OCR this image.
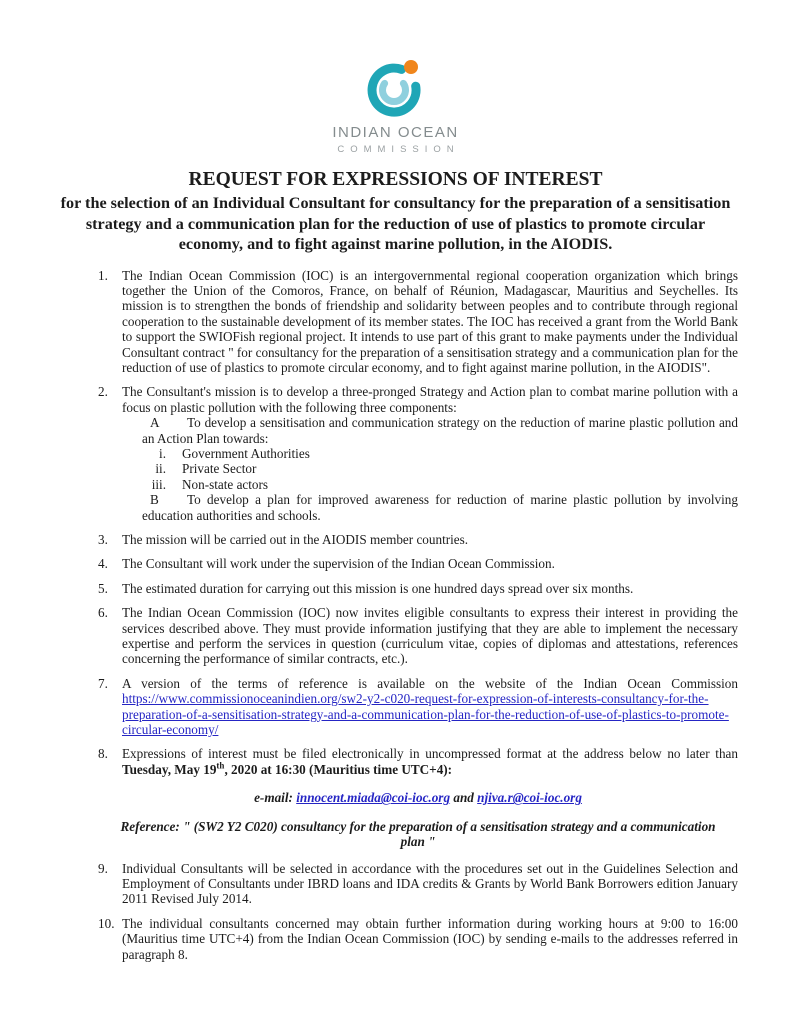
INDIAN OCEAN
COMMISSION
REQUEST FOR EXPRESSIONS OF INTEREST
for the selection of an Individual Consultant for consultancy for the preparation of a sensitisation strategy and a communication plan for the reduction of use of plastics to promote circular economy, and to fight against marine pollution, in the AIODIS.
1.	The Indian Ocean Commission (IOC) is an intergovernmental regional cooperation organization which brings together the Union of the Comoros, France, on behalf of Réunion, Madagascar, Mauritius and Seychelles. Its mission is to strengthen the bonds of friendship and solidarity between peoples and to contribute through regional cooperation to the sustainable development of its member states. The IOC has received a grant from the World Bank to support the SWIOFish regional project. It intends to use part of this grant to make payments under the Individual Consultant contract " for consultancy for the preparation of a sensitisation strategy and a communication plan for the reduction of use of plastics to promote circular economy, and to fight against marine pollution, in the AIODIS".
2.	The Consultant's mission is to develop a three-pronged Strategy and Action plan to combat marine pollution with a focus on plastic pollution with the following three components:
A To develop a sensitisation and communication strategy on the reduction of marine plastic pollution and an Action Plan towards:
i. Government Authorities
ii. Private Sector
iii. Non-state actors
B To develop a plan for improved awareness for reduction of marine plastic pollution by involving education authorities and schools.
3.	The mission will be carried out in the AIODIS member countries.
4.	The Consultant will work under the supervision of the Indian Ocean Commission.
5.	The estimated duration for carrying out this mission is one hundred days spread over six months.
6.	The Indian Ocean Commission (IOC) now invites eligible consultants to express their interest in providing the services described above. They must provide information justifying that they are able to implement the necessary expertise and perform the services in question (curriculum vitae, copies of diplomas and attestations, references concerning the performance of similar contracts, etc.).
7.	A version of the terms of reference is available on the website of the Indian Ocean Commission https://www.commissionoceanindien.org/sw2-y2-c020-request-for-expression-of-interests-consultancy-for-the-preparation-of-a-sensitisation-strategy-and-a-communication-plan-for-the-reduction-of-use-of-plastics-to-promote-circular-economy/
8.	Expressions of interest must be filed electronically in uncompressed format at the address below no later than Tuesday, May 19th, 2020 at 16:30 (Mauritius time UTC+4):
e-mail: innocent.miada@coi-ioc.org and njiva.r@coi-ioc.org
Reference: " (SW2 Y2 C020) consultancy for the preparation of a sensitisation strategy and a communication plan "
9.	Individual Consultants will be selected in accordance with the procedures set out in the Guidelines Selection and Employment of Consultants under IBRD loans and IDA credits & Grants by World Bank Borrowers edition January 2011 Revised July 2014.
10. The individual consultants concerned may obtain further information during working hours at 9:00 to 16:00 (Mauritius time UTC+4) from the Indian Ocean Commission (IOC) by sending e-mails to the addresses referred in paragraph 8.
